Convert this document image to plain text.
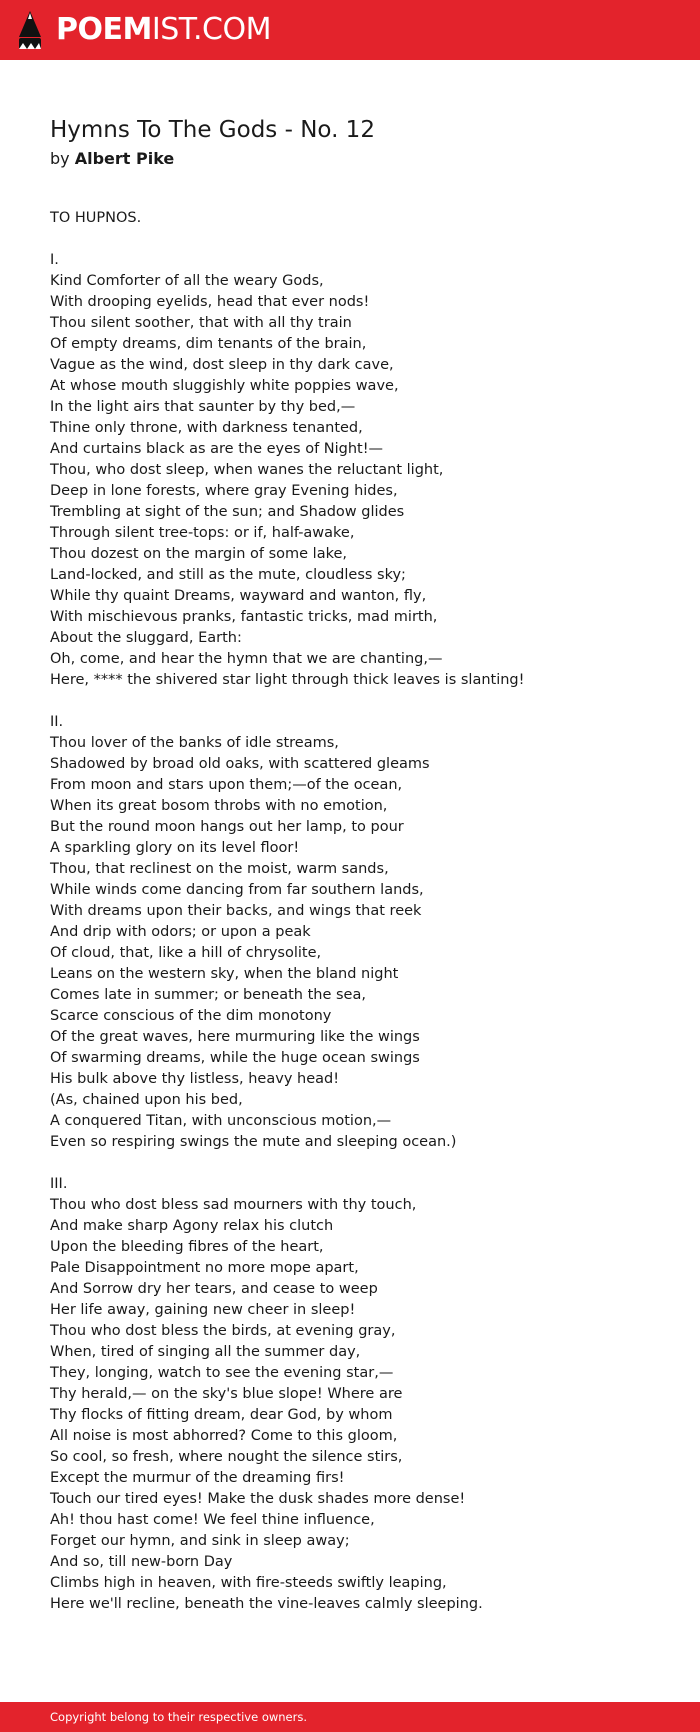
POEMIST.COM
Hymns To The Gods - No. 12

by Albert Pike

TO HUPNOS.
I.
Kind Comforter of all the weary Gods,
With drooping eyelids, head that ever nods!
Thou silent soother, that with all thy train
Of empty dreams, dim tenants of the brain,
Vague as the wind, dost sleep in thy dark cave,
At whose mouth sluggishly white poppies wave,
In the light airs that saunter by thy bed,—
Thine only throne, with darkness tenanted,
And curtains black as are the eyes of Night!—
Thou, who dost sleep, when wanes the reluctant light,
Deep in lone forests, where gray Evening hides,
Trembling at sight of the sun; and Shadow glides
Through silent tree-tops: or if, half-awake,
Thou dozest on the margin of some lake,
Land-locked, and still as the mute, cloudless sky;
While thy quaint Dreams, wayward and wanton, fly,
With mischievous pranks, fantastic tricks, mad mirth,
About the sluggard, Earth:
Oh, come, and hear the hymn that we are chanting,—
Here, **** the shivered star light through thick leaves is slanting!
II.
Thou lover of the banks of idle streams,
Shadowed by broad old oaks, with scattered gleams
From moon and stars upon them;—of the ocean,
When its great bosom throbs with no emotion,
But the round moon hangs out her lamp, to pour
A sparkling glory on its level floor!
Thou, that reclinest on the moist, warm sands,
While winds come dancing from far southern lands,
With dreams upon their backs, and wings that reek
And drip with odors; or upon a peak
Of cloud, that, like a hill of chrysolite,
Leans on the western sky, when the bland night
Comes late in summer; or beneath the sea,
Scarce conscious of the dim monotony
Of the great waves, here murmuring like the wings
Of swarming dreams, while the huge ocean swings
His bulk above thy listless, heavy head!
(As, chained upon his bed,
A conquered Titan, with unconscious motion,—
Even so respiring swings the mute and sleeping ocean.)
III.
Thou who dost bless sad mourners with thy touch,
And make sharp Agony relax his clutch
Upon the bleeding fibres of the heart,
Pale Disappointment no more mope apart,
And Sorrow dry her tears, and cease to weep
Her life away, gaining new cheer in sleep!
Thou who dost bless the birds, at evening gray,
When, tired of singing all the summer day,
They, longing, watch to see the evening star,—
Thy herald,— on the sky's blue slope! Where are
Thy flocks of fitting dream, dear God, by whom
All noise is most abhorred? Come to this gloom,
So cool, so fresh, where nought the silence stirs,
Except the murmur of the dreaming firs!
Touch our tired eyes! Make the dusk shades more dense!
Ah! thou hast come! We feel thine influence,
Forget our hymn, and sink in sleep away;
And so, till new-born Day
Climbs high in heaven, with fire-steeds swiftly leaping,
Here we'll recline, beneath the vine-leaves calmly sleeping.
Copyright belong to their respective owners.
